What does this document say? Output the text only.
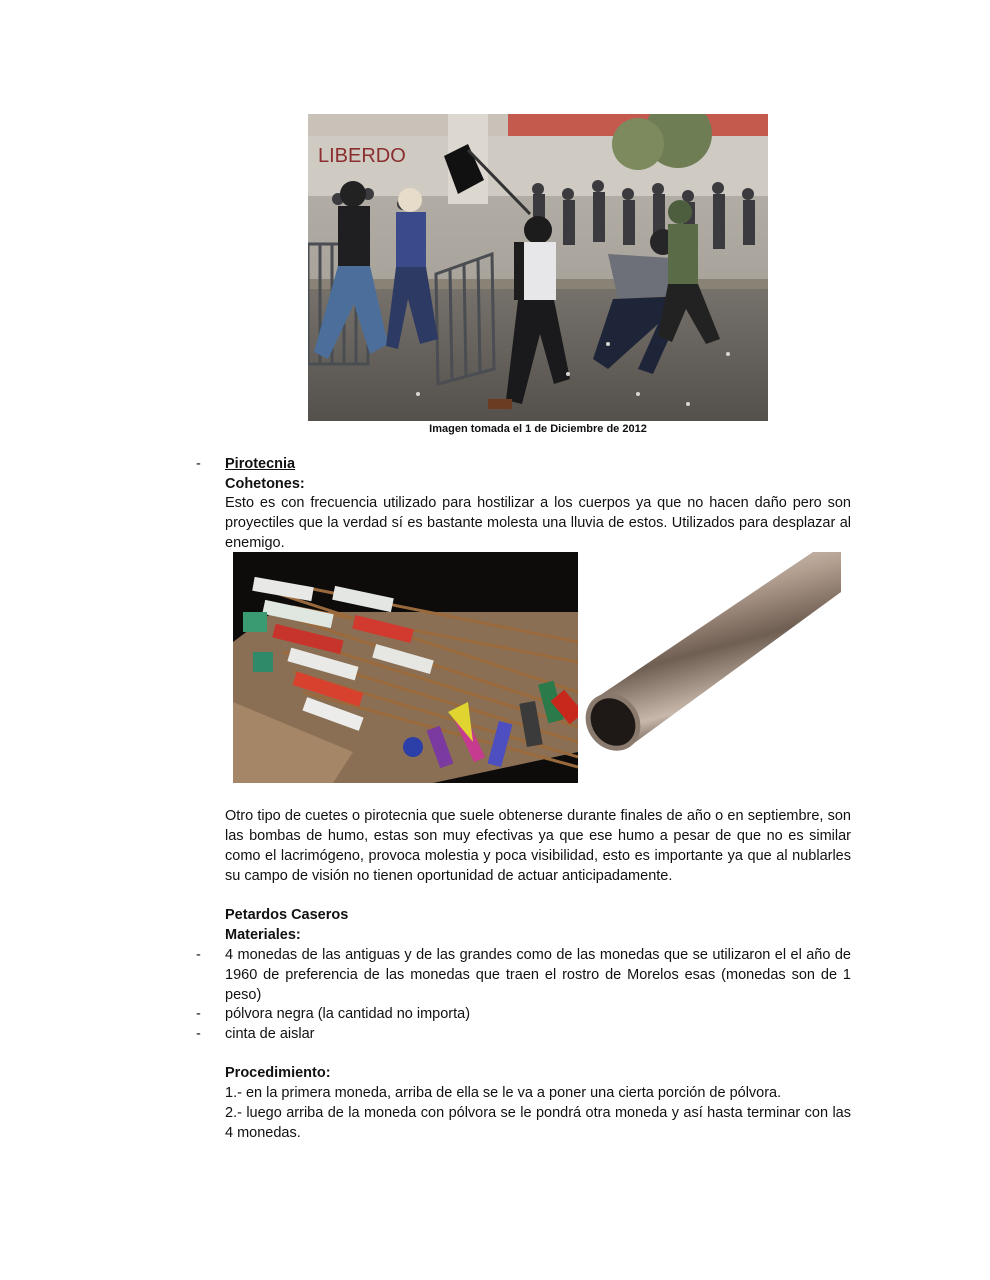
LIBERDO
Imagen tomada el 1 de Diciembre de 2012
- Pirotecnia
Cohetones:
Esto es con frecuencia utilizado para hostilizar a los cuerpos ya que no hacen daño pero son proyectiles que la verdad sí es bastante molesta una lluvia de estos. Utilizados para desplazar al enemigo.
Otro tipo de cuetes o pirotecnia que suele obtenerse durante finales de año o en septiembre, son las bombas de humo, estas son muy efectivas ya que ese humo a pesar de que no es similar como el lacrimógeno, provoca molestia y poca visibilidad, esto es importante ya que al nublarles su campo de visión no tienen oportunidad de actuar anticipadamente.
Petardos Caseros
Materiales:
- 4 monedas de las antiguas y de las grandes como de las monedas que se utilizaron el el año de 1960 de preferencia de las monedas que traen el rostro de Morelos esas (monedas son de 1 peso)
- pólvora negra (la cantidad no importa)
- cinta de aislar
Procedimiento:
1.- en la primera moneda, arriba de ella se le va a poner una cierta porción de pólvora.
2.- luego arriba de la moneda con pólvora se le pondrá otra moneda y así hasta terminar con las 4 monedas.
